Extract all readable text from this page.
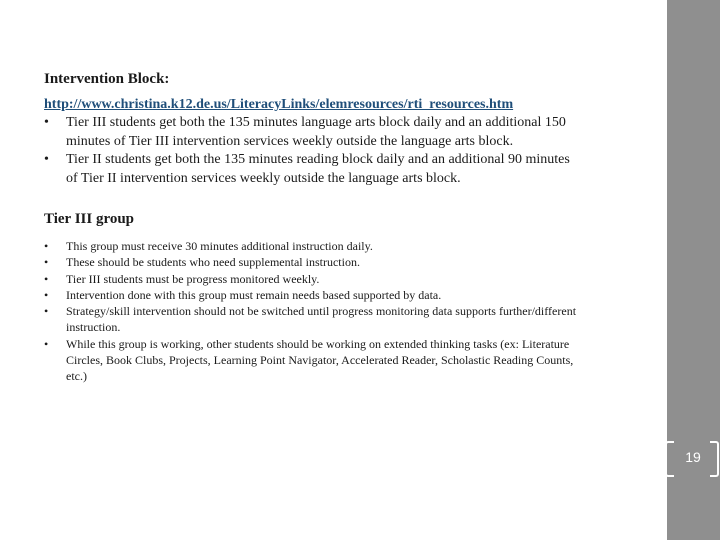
Intervention Block:
http://www.christina.k12.de.us/LiteracyLinks/elemresources/rti_resources.htm
• Tier III students get both the 135 minutes language arts block daily and an additional 150 minutes of Tier III intervention services weekly outside the language arts block.
• Tier II students get both the 135 minutes reading block daily and an additional 90 minutes of Tier II intervention services weekly outside the language arts block.
Tier III group
• This group must receive 30 minutes additional instruction daily.
• These should be students who need supplemental instruction.
• Tier III students must be progress monitored weekly.
• Intervention done with this group must remain needs based supported by data.
• Strategy/skill intervention should not be switched until progress monitoring data supports further/different instruction.
• While this group is working, other students should be working on extended thinking tasks (ex: Literature Circles, Book Clubs, Projects, Learning Point Navigator, Accelerated Reader, Scholastic Reading Counts, etc.)
19
